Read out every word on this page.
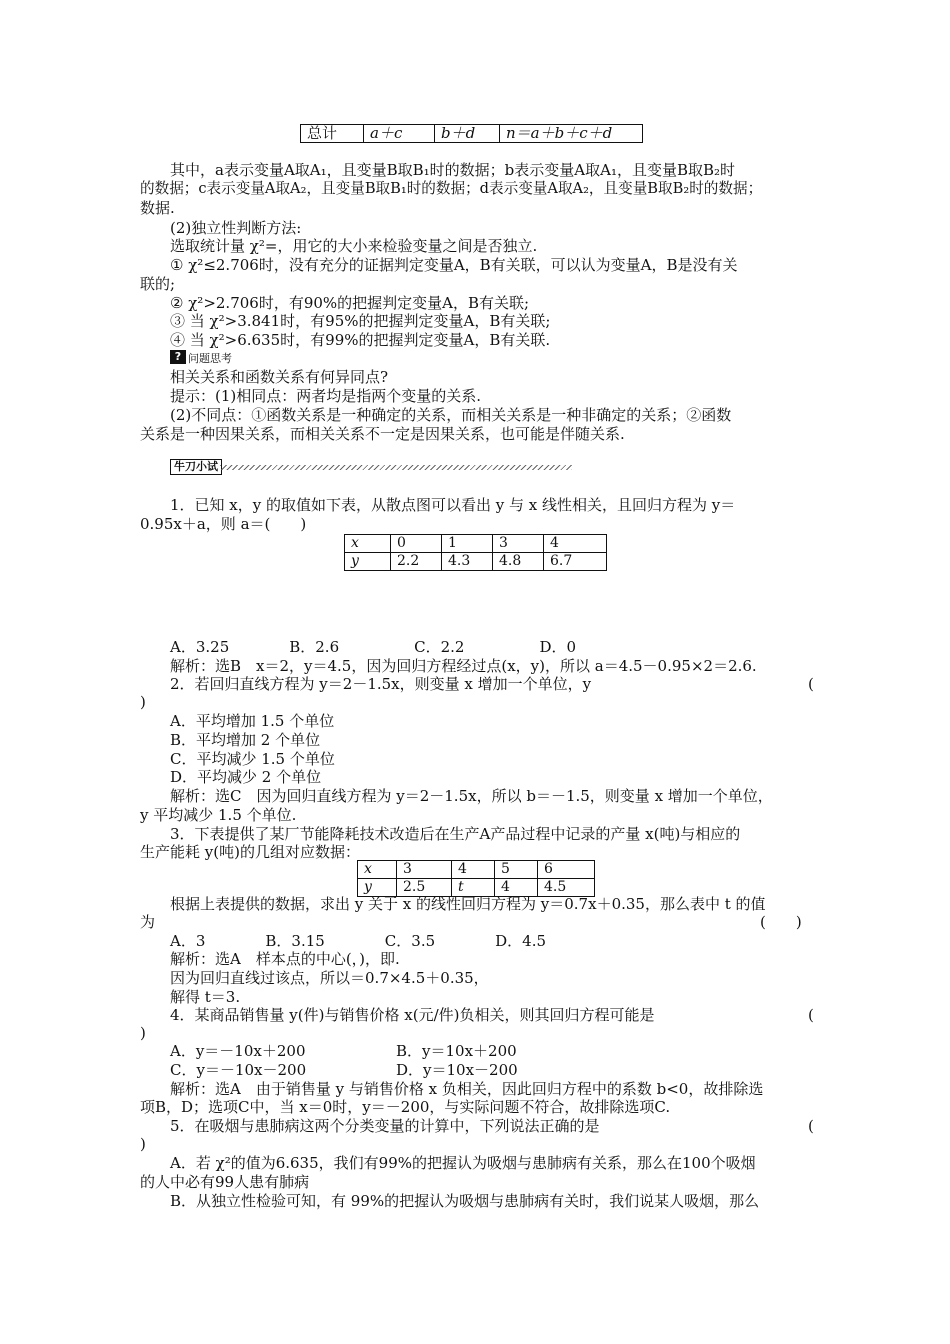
总计	a＋c	b＋d	n＝a＋b＋c＋d
其中，a表示变量A取A₁，且变量B取B₁时的数据；b表示变量A取A₁，且变量B取B₂时
的数据；c表示变量A取A₂，且变量B取B₁时的数据；d表示变量A取A₂，且变量B取B₂时的数据；
数据.
(2)独立性判断方法:
选取统计量 χ²=，用它的大小来检验变量之间是否独立.
① χ²≤2.706时，没有充分的证据判定变量A，B有关联，可以认为变量A，B是没有关
联的;
② χ²>2.706时，有90%的把握判定变量A，B有关联;
③ 当 χ²>3.841时，有95%的把握判定变量A，B有关联;
④ 当 χ²>6.635时，有99%的把握判定变量A，B有关联.
? $^{问题思考}$
相关关系和函数关系有何异同点?
提示：(1)相同点：两者均是指两个变量的关系.
(2)不同点：①函数关系是一种确定的关系，而相关关系是一种非确定的关系；②函数
关系是一种因果关系，而相关关系不一定是因果关系，也可能是伴随关系.
牛刀小试
1．已知 x，y 的取值如下表，从散点图可以看出 y 与 x 线性相关，且回归方程为 y＝
0.95x＋a，则 a＝(　　)
x	0	1	3	4
y	2.2	4.3	4.8	6.7
A．3.25　　　　B．2.6　　　　　C．2.2　　　　　D．0
解析：选B　x＝2，y＝4.5，因为回归方程经过点(x，y)，所以 a＝4.5－0.95×2＝2.6.
2．若回归直线方程为 y＝2－1.5x，则变量 x 增加一个单位，y	(
)
A．平均增加 1.5 个单位
B．平均增加 2 个单位
C．平均减少 1.5 个单位
D．平均减少 2 个单位
解析：选C　因为回归直线方程为 y＝2－1.5x，所以 b＝－1.5，则变量 x 增加一个单位，
y 平均减少 1.5 个单位.
3．下表提供了某厂节能降耗技术改造后在生产A产品过程中记录的产量 x(吨)与相应的
生产能耗 y(吨)的几组对应数据：
x	3	4	5	6
y	2.5	t	4	4.5
根据上表提供的数据，求出 y 关于 x 的线性回归方程为 y＝0.7x＋0.35，那么表中 t 的值
为	(　　)
A．3　　　　B．3.15　　　　C．3.5　　　　D．4.5
解析：选A　样本点的中心(，)，即.
因为回归直线过该点，所以＝0.7×4.5＋0.35，
解得 t＝3.
4．某商品销售量 y(件)与销售价格 x(元/件)负相关，则其回归方程可能是	(
)
A．y＝－10x＋200	B．y＝10x＋200
C．y＝－10x－200	D．y＝10x－200
解析：选A　由于销售量 y 与销售价格 x 负相关，因此回归方程中的系数 b<0，故排除选
项B，D；选项C中，当 x＝0时，y＝－200，与实际问题不符合，故排除选项C.
5．在吸烟与患肺病这两个分类变量的计算中，下列说法正确的是	(
)
A．若 χ²的值为6.635，我们有99%的把握认为吸烟与患肺病有关系，那么在100个吸烟
的人中必有99人患有肺病
B．从独立性检验可知，有 99%的把握认为吸烟与患肺病有关时，我们说某人吸烟，那么
